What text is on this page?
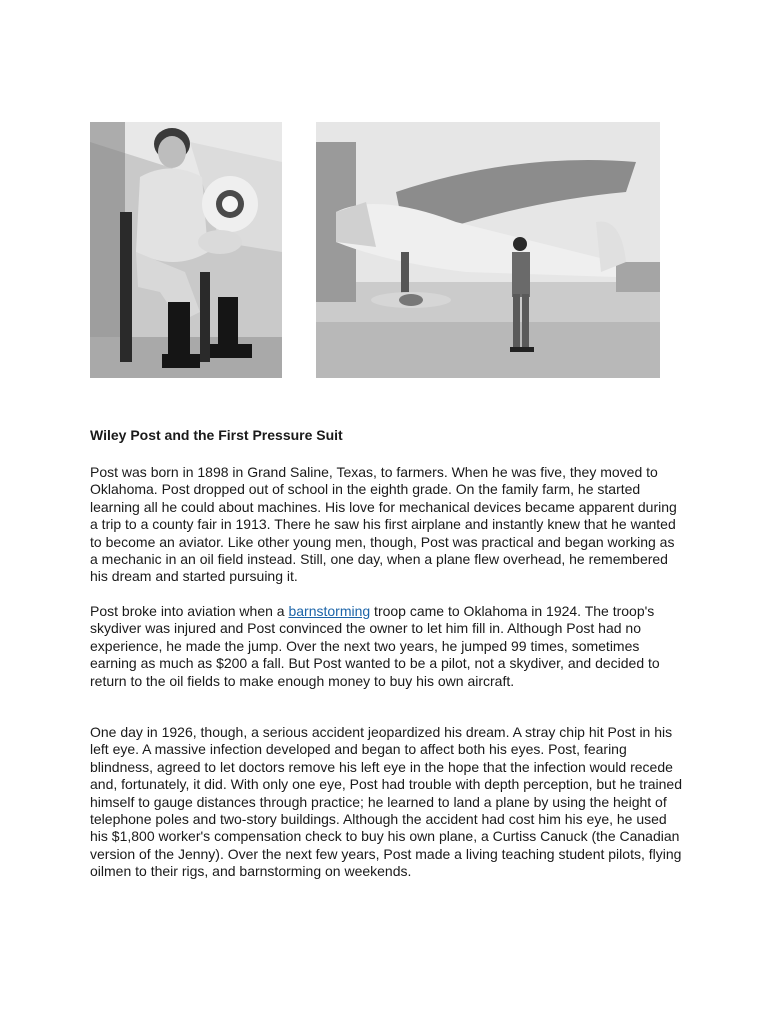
Wiley Post and the First Pressure Suit

Post was born in 1898 in Grand Saline, Texas, to farmers. When he was five, they moved to Oklahoma. Post dropped out of school in the eighth grade. On the family farm, he started learning all he could about machines. His love for mechanical devices became apparent during a trip to a county fair in 1913. There he saw his first airplane and instantly knew that he wanted to become an aviator. Like other young men, though, Post was practical and began working as a mechanic in an oil field instead. Still, one day, when a plane flew overhead, he remembered his dream and started pursuing it.

Post broke into aviation when a barnstorming troop came to Oklahoma in 1924. The troop's skydiver was injured and Post convinced the owner to let him fill in. Although Post had no experience, he made the jump. Over the next two years, he jumped 99 times, sometimes earning as much as $200 a fall. But Post wanted to be a pilot, not a skydiver, and decided to return to the oil fields to make enough money to buy his own aircraft.

One day in 1926, though, a serious accident jeopardized his dream. A stray chip hit Post in his left eye. A massive infection developed and began to affect both his eyes. Post, fearing blindness, agreed to let doctors remove his left eye in the hope that the infection would recede and, fortunately, it did. With only one eye, Post had trouble with depth perception, but he trained himself to gauge distances through practice; he learned to land a plane by using the height of telephone poles and two-story buildings. Although the accident had cost him his eye, he used his $1,800 worker's compensation check to buy his own plane, a Curtiss Canuck (the Canadian version of the Jenny). Over the next few years, Post made a living teaching student pilots, flying oilmen to their rigs, and barnstorming on weekends.
